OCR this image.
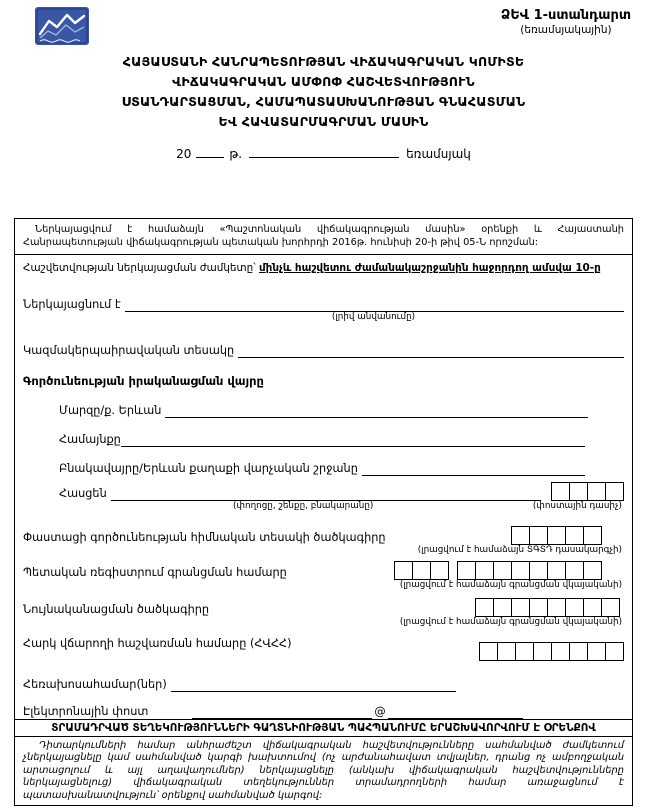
ՁԵՎ 1-ստանդարտ
(եռամսյակային)
ՀԱՅԱՍՏԱՆԻ ՀԱՆՐԱՊԵՏՈՒԹՅԱՆ ՎԻՃԱԿԱԳՐԱԿԱՆ ԿՈՄԻՏԵ
ՎԻՃԱԿԱԳՐԱԿԱՆ ԱՄՓՈՓ ՀԱՇՎԵՏՎՈՒԹՅՈՒՆ
ՍՏԱՆԴԱՐՏԱՑՄԱՆ, ՀԱՄԱՊԱՏԱՍԽԱՆՈՒԹՅԱՆ ԳՆԱՀԱՏՄԱՆ
ԵՎ ՀԱՎԱՏԱՐՄԱԳՐՄԱՆ ՄԱՍԻՆ
20	թ.	եռամսյակ
Ներկայացվում է համաձայն «Պաշտոնական վիճակագրության մասին» օրենքի և Հայաստանի Հանրապետության վիճակագրության պետական խորհրդի 2016թ. հունիսի 20-ի թիվ 05-Ն որոշման:
Հաշվետվության ներկայացման ժամկետը՝ մինչև հաշվետու ժամանակաշրջանին հաջորդող ամսվա 10-ը
Ներկայացնում է
(լրիվ անվանումը)
Կազմակերպաիրավական տեսակը
Գործունեության իրականացման վայրը
Մարզը/ք. Երևան
Համայնքը
Բնակավայրը/Երևան քաղաքի վարչական շրջանը
Հասցեն
(փողոցը, շենքը, բնակարանը)	(փոստային դասիչ)
Փաստացի գործունեության հիմնական տեսակի ծածկագիրը
(լրացվում է համաձայն ՏԳՏԴ դասակարգչի)
Պետական ռեգիստրում գրանցման համարը
(լրացվում է համաձայն գրանցման վկայականի)
Նույնականացման ծածկագիրը
(լրացվում է համաձայն գրանցման վկայականի)
Հարկ վճարողի հաշվառման համարը (ՀՎՀՀ)
Հեռախոսահամար(ներ)
Էլեկտրոնային փոստ	@
ՏՐԱՄԱԴՐՎԱԾ ՏԵՂԵԿՈՒԹՅՈՒՆՆԵՐԻ ԳԱՂՏՆԻՈՒԹՅԱՆ ՊԱՀՊԱՆՈՒՄԸ ԵՐԱՇԽԱՎՈՐՎՈՒՄ Է ՕՐԵՆՔՈՎ
Դիտարկումների համար անհրաժեշտ վիճակագրական հաշվետվությունները սահմանված ժամկետում չներկայացնելը կամ սահմանված կարգի խախտումով (ոչ արժանահավատ տվյալներ, դրանց ոչ ամբողջական արտացոլում և այլ աղավաղումներ) ներկայացնելը (անկախ վիճակագրական հաշվետվությունները ներկայացնելուց) վիճակագրական տեղեկություններ տրամադրողների համար առաջացնում է պատասխանատվություն՝ օրենքով սահմանված կարգով:
